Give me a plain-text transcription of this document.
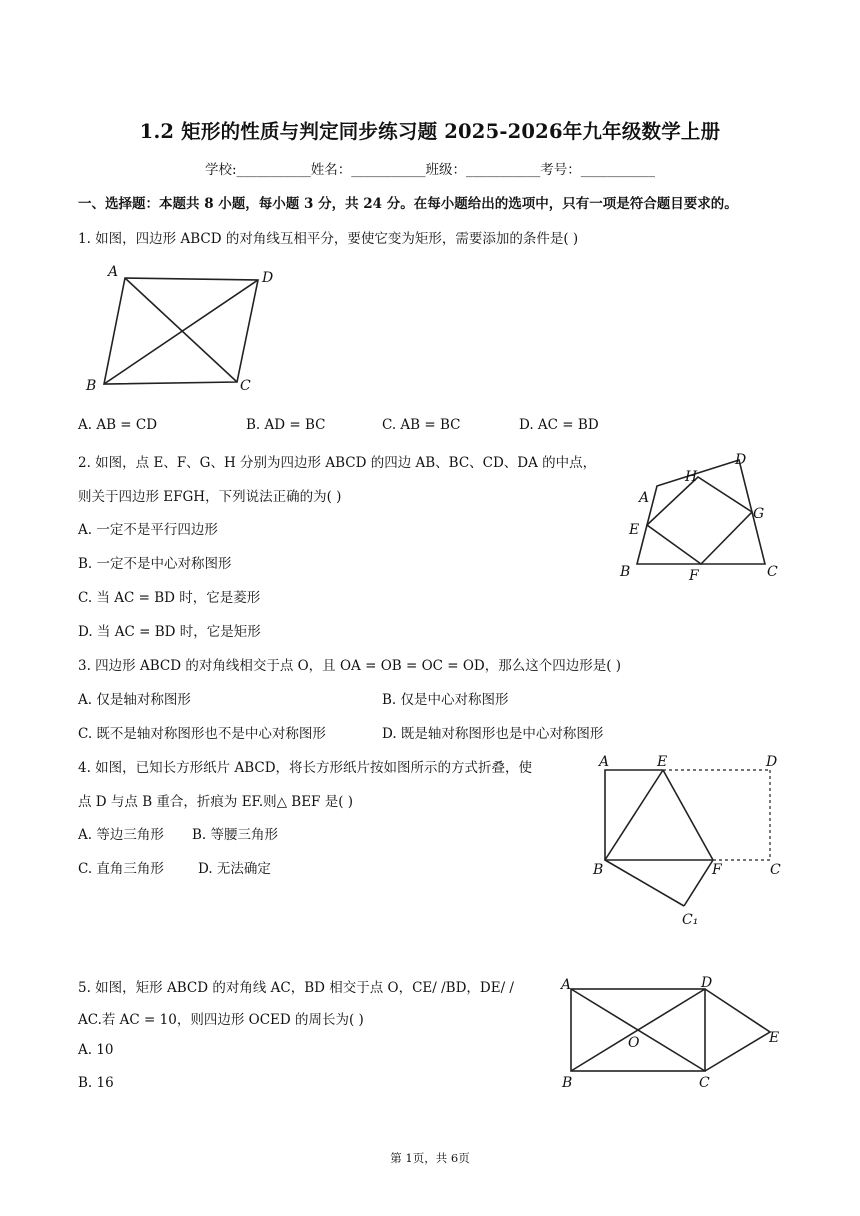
1.2 矩形的性质与判定同步练习题 2025-2026年九年级数学上册
学校:___________姓名：___________班级：___________考号：___________
一、选择题：本题共 8 小题，每小题 3 分，共 24 分。在每小题给出的选项中，只有一项是符合题目要求的。
1. 如图，四边形 ABCD 的对角线互相平分，要使它变为矩形，需要添加的条件是( )
A	D
B	C
A. AB = CD	B. AD = BC	C. AB = BC	D. AC = BD
2. 如图，点 E、F、G、H 分别为四边形 ABCD 的四边 AB、BC、CD、DA 的中点，
则关于四边形 EFGH，下列说法正确的为( )
A. 一定不是平行四边形
B. 一定不是中心对称图形
C. 当 AC = BD 时，它是菱形
D. 当 AC = BD 时，它是矩形
A
B	C
D
E
F
G
H
3. 四边形 ABCD 的对角线相交于点 O，且 OA = OB = OC = OD，那么这个四边形是( )
A. 仅是轴对称图形	B. 仅是中心对称图形
C. 既不是轴对称图形也不是中心对称图形	D. 既是轴对称图形也是中心对称图形
4. 如图，已知长方形纸片 ABCD，将长方形纸片按如图所示的方式折叠，使
点 D 与点 B 重合，折痕为 EF.则△ BEF 是( )
A. 等边三角形 B. 等腰三角形
C. 直角三角形	D. 无法确定
A	E	D
B	F	C
C₁
5. 如图，矩形 ABCD 的对角线 AC，BD 相交于点 O，CE/ /BD，DE/ /
AC.若 AC = 10，则四边形 OCED 的周长为( )
A. 10
B. 16
A	D
O	E
B	C
第 1页，共 6页
